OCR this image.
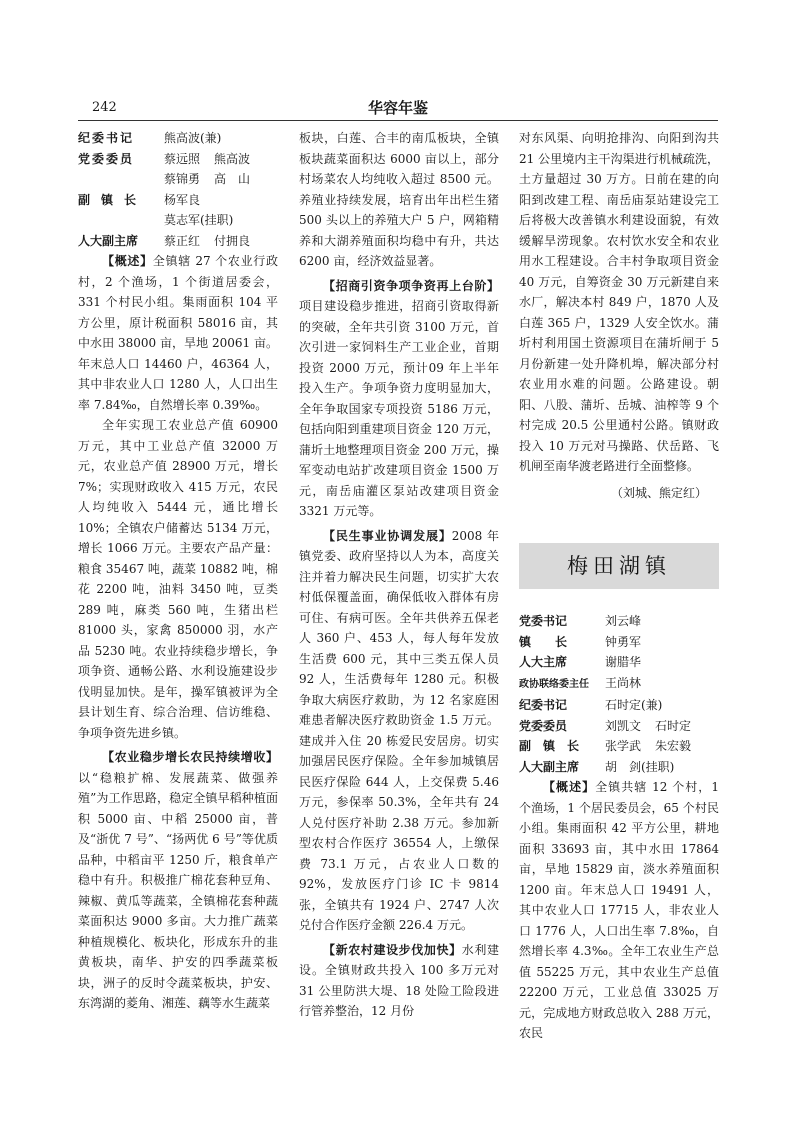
242	华容年鉴
纪委书记	熊高波(兼)
党委委员	蔡远照 熊高波
蔡锦勇 高　山
副镇长	杨军良
莫志军(挂职)
人大副主席	蔡正红 付拥良

【概述】全镇辖 27 个农业行政村，2 个渔场，1 个街道居委会，331 个村民小组。集雨面积 104 平方公里，原计税面积 58016 亩，其中水田 38000 亩，旱地 20061 亩。年末总人口 14460 户，46364 人，其中非农业人口 1280 人，人口出生率 7.84‰，自然增长率 0.39‰。

全年实现工农业总产值 60900 万元，其中工业总产值 32000 万元，农业总产值 28900 万元，增长 7%；实现财政收入 415 万元，农民人均纯收入 5444 元，通比增长 10%；全镇农户储蓄达 5134 万元，增长 1066 万元。主要农产品产量：粮食 35467 吨，蔬菜 10882 吨，棉花 2200 吨，油料 3450 吨，豆类 289 吨，麻类 560 吨，生猪出栏 81000 头，家禽 850000 羽，水产品 5230 吨。农业持续稳步增长，争项争资、通畅公路、水利设施建设步伐明显加快。是年，操军镇被评为全县计划生育、综合治理、信访维稳、争项争资先进乡镇。

【农业稳步增长农民持续增收】以“稳粮扩棉、发展蔬菜、做强养殖”为工作思路，稳定全镇早稻种植面积 5000 亩、中稻 25000 亩，普及“浙优 7 号”、“扬两优 6 号”等优质品种，中稻亩平 1250 斤，粮食单产稳中有升。积极推广棉花套种豆角、辣椒、黄瓜等蔬菜，全镇棉花套种蔬菜面积达 9000 多亩。大力推广蔬菜种植规模化、板块化，形成东升的韭黄板块，南华、护安的四季蔬菜板块，洲子的反时令蔬菜板块，护安、东湾湖的菱角、湘莲、藕等水生蔬菜

板块，白莲、合丰的南瓜板块，全镇板块蔬菜面积达 6000 亩以上，部分村场菜农人均纯收入超过 8500 元。养殖业持续发展，培育出年出栏生猪 500 头以上的养殖大户 5 户，网箱精养和大湖养殖面积均稳中有升，共达 6200 亩，经济效益显著。

【招商引资争项争资再上台阶】项目建设稳步推进，招商引资取得新的突破，全年共引资 3100 万元，首次引进一家饲料生产工业企业，首期投资 2000 万元，预计09 年上半年投入生产。争项争资力度明显加大，全年争取国家专项投资 5186 万元，包括向阳到重建项目资金 120 万元，蒲圻土地整理项目资金 200 万元，操军变动电站扩改建项目资金 1500 万元，南岳庙灌区泵站改建项目资金 3321 万元等。

【民生事业协调发展】2008 年镇党委、政府坚持以人为本，高度关注并着力解决民生问题，切实扩大农村低保覆盖面，确保低收入群体有房可住、有病可医。全年共供养五保老人 360 户、453 人，每人每年发放生活费 600 元，其中三类五保人员 92 人，生活费每年 1280 元。积极争取大病医疗救助，为 12 名家庭困难患者解决医疗救助资金 1.5 万元。建成并入住 20 栋爱民安居房。切实加强居民医疗保险。全年参加城镇居民医疗保险 644 人，上交保费 5.46 万元，参保率 50.3%，全年共有 24 人兑付医疗补助 2.38 万元。参加新型农村合作医疗 36554 人，上缴保费 73.1 万元，占农业人口数的 92%，发放医疗门诊 IC 卡 9814 张，全镇共有 1924 户、2747 人次兑付合作医疗金额 226.4 万元。

【新农村建设步伐加快】水利建设。全镇财政共投入 100 多万元对 31 公里防洪大堤、18 处险工险段进行管养整治，12 月份

对东风渠、向明抢排沟、向阳到沟共 21 公里境内主干沟渠进行机械疏洗，土方量超过 30 万方。日前在建的向阳到改建工程、南岳庙泵站建设完工后将极大改善镇水利建设面貌，有效缓解旱涝现象。农村饮水安全和农业用水工程建设。合丰村争取项目资金 40 万元，自筹资金 30 万元新建自来水厂，解决本村 849 户，1870 人及白莲 365 户，1329 人安全饮水。蒲圻村利用国土资源项目在蒲圻闸于 5 月份新建一处升降机埠，解决部分村农业用水难的问题。公路建设。朝阳、八股、蒲圻、岳城、油榨等 9 个村完成 20.5 公里通村公路。镇财政投入 10 万元对马操路、伏岳路、飞机闸至南华渡老路进行全面整修。

（刘城、熊定红）

梅田湖镇
党委书记	刘云峰
镇　　长	钟勇军
人大主席	谢腊华
政协联络委主任	王尚林
纪委书记	石时定(兼)
党委委员	刘凯文 石时定
副　镇　长	张学武 朱宏毅
人大副主席	胡　剑(挂职)

【概述】全镇共辖 12 个村，1 个渔场，1 个居民委员会，65 个村民小组。集雨面积 42 平方公里，耕地面积 33693 亩，其中水田 17864 亩，旱地 15829 亩，淡水养殖面积 1200 亩。年末总人口 19491 人，其中农业人口 17715 人，非农业人口 1776 人，人口出生率 7.8‰，自然增长率 4.3‰。全年工农业生产总值 55225 万元，其中农业生产总值 22200 万元，工业总值 33025 万元，完成地方财政总收入 288 万元，农民
